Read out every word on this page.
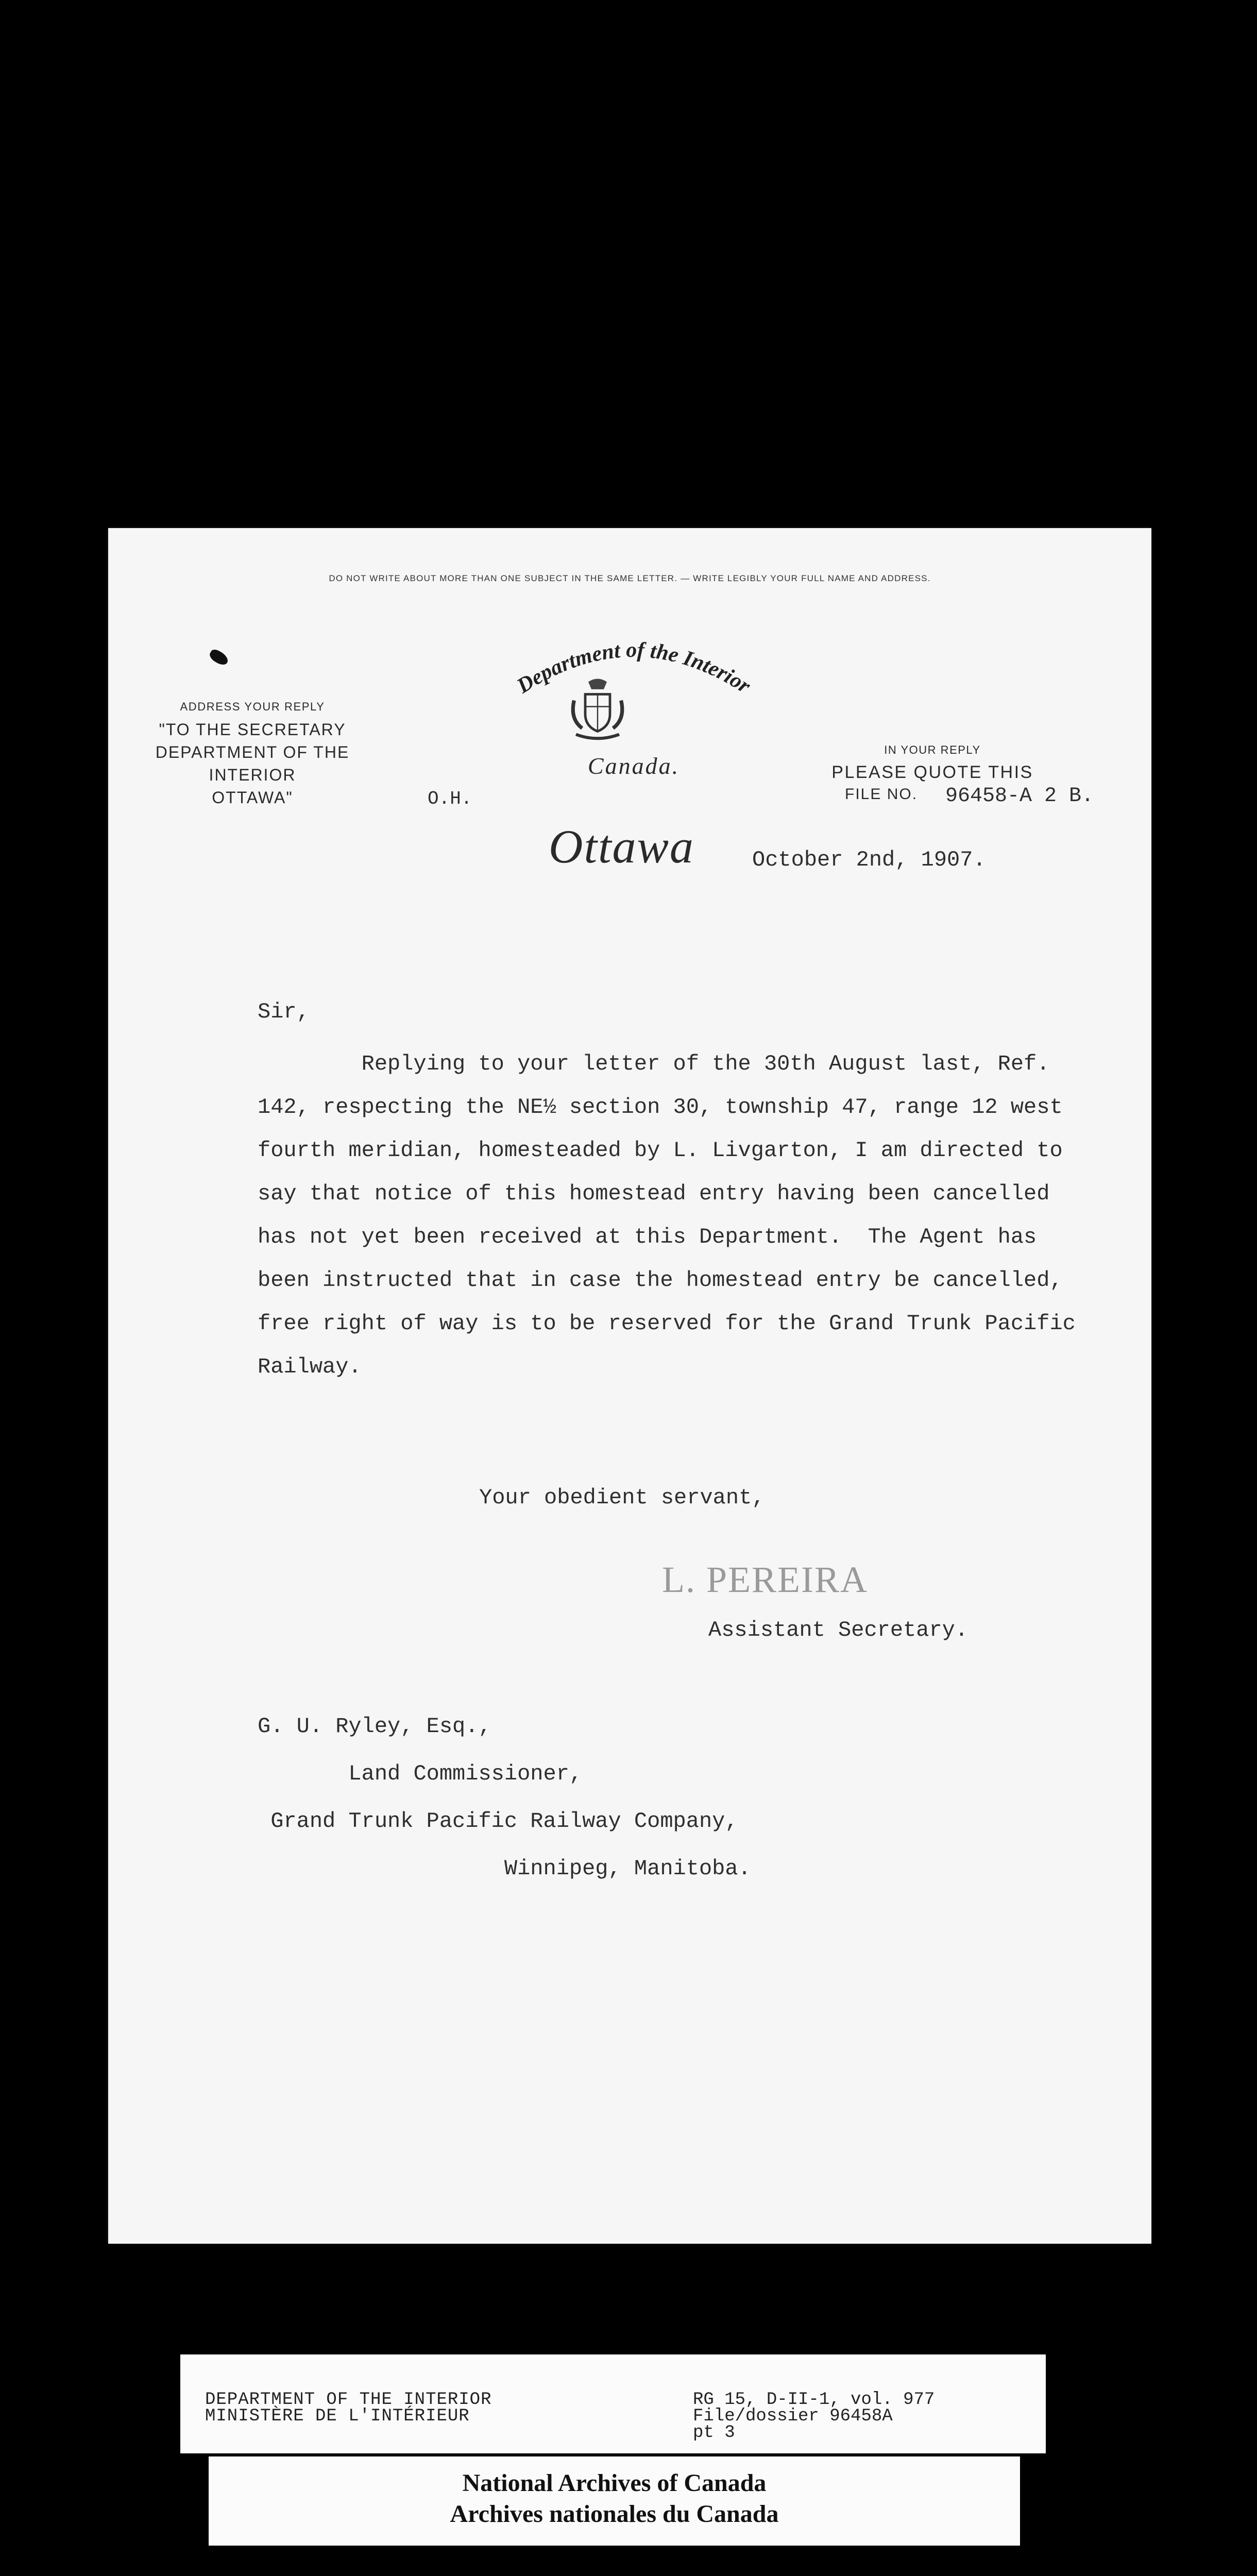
DO NOT WRITE ABOUT MORE THAN ONE SUBJECT IN THE SAME LETTER. — WRITE LEGIBLY YOUR FULL NAME AND ADDRESS.
ADDRESS YOUR REPLY
"TO THE SECRETARY
DEPARTMENT OF THE INTERIOR
OTTAWA"
Department of the Interior
Canada.
O.H.
IN YOUR REPLY
PLEASE QUOTE THIS
FILE NO. 96458-A 2 B.
Ottawa	October 2nd, 1907.
Sir,
Replying to your letter of the 30th August last, Ref.
142, respecting the NE½ section 30, township 47, range 12 west
fourth meridian, homesteaded by L. Livgarton, I am directed to
say that notice of this homestead entry having been cancelled
has not yet been received at this Department.  The Agent has
been instructed that in case the homestead entry be cancelled,
free right of way is to be reserved for the Grand Trunk Pacific
Railway.
Your obedient servant,
L. PEREIRA
Assistant Secretary.
G. U. Ryley, Esq.,
Land Commissioner,
Grand Trunk Pacific Railway Company,
Winnipeg, Manitoba.
DEPARTMENT OF THE INTERIOR
MINISTÈRE DE L'INTÉRIEUR
RG 15, D-II-1, vol. 977
File/dossier 96458A
pt 3
National Archives of Canada
Archives nationales du Canada
